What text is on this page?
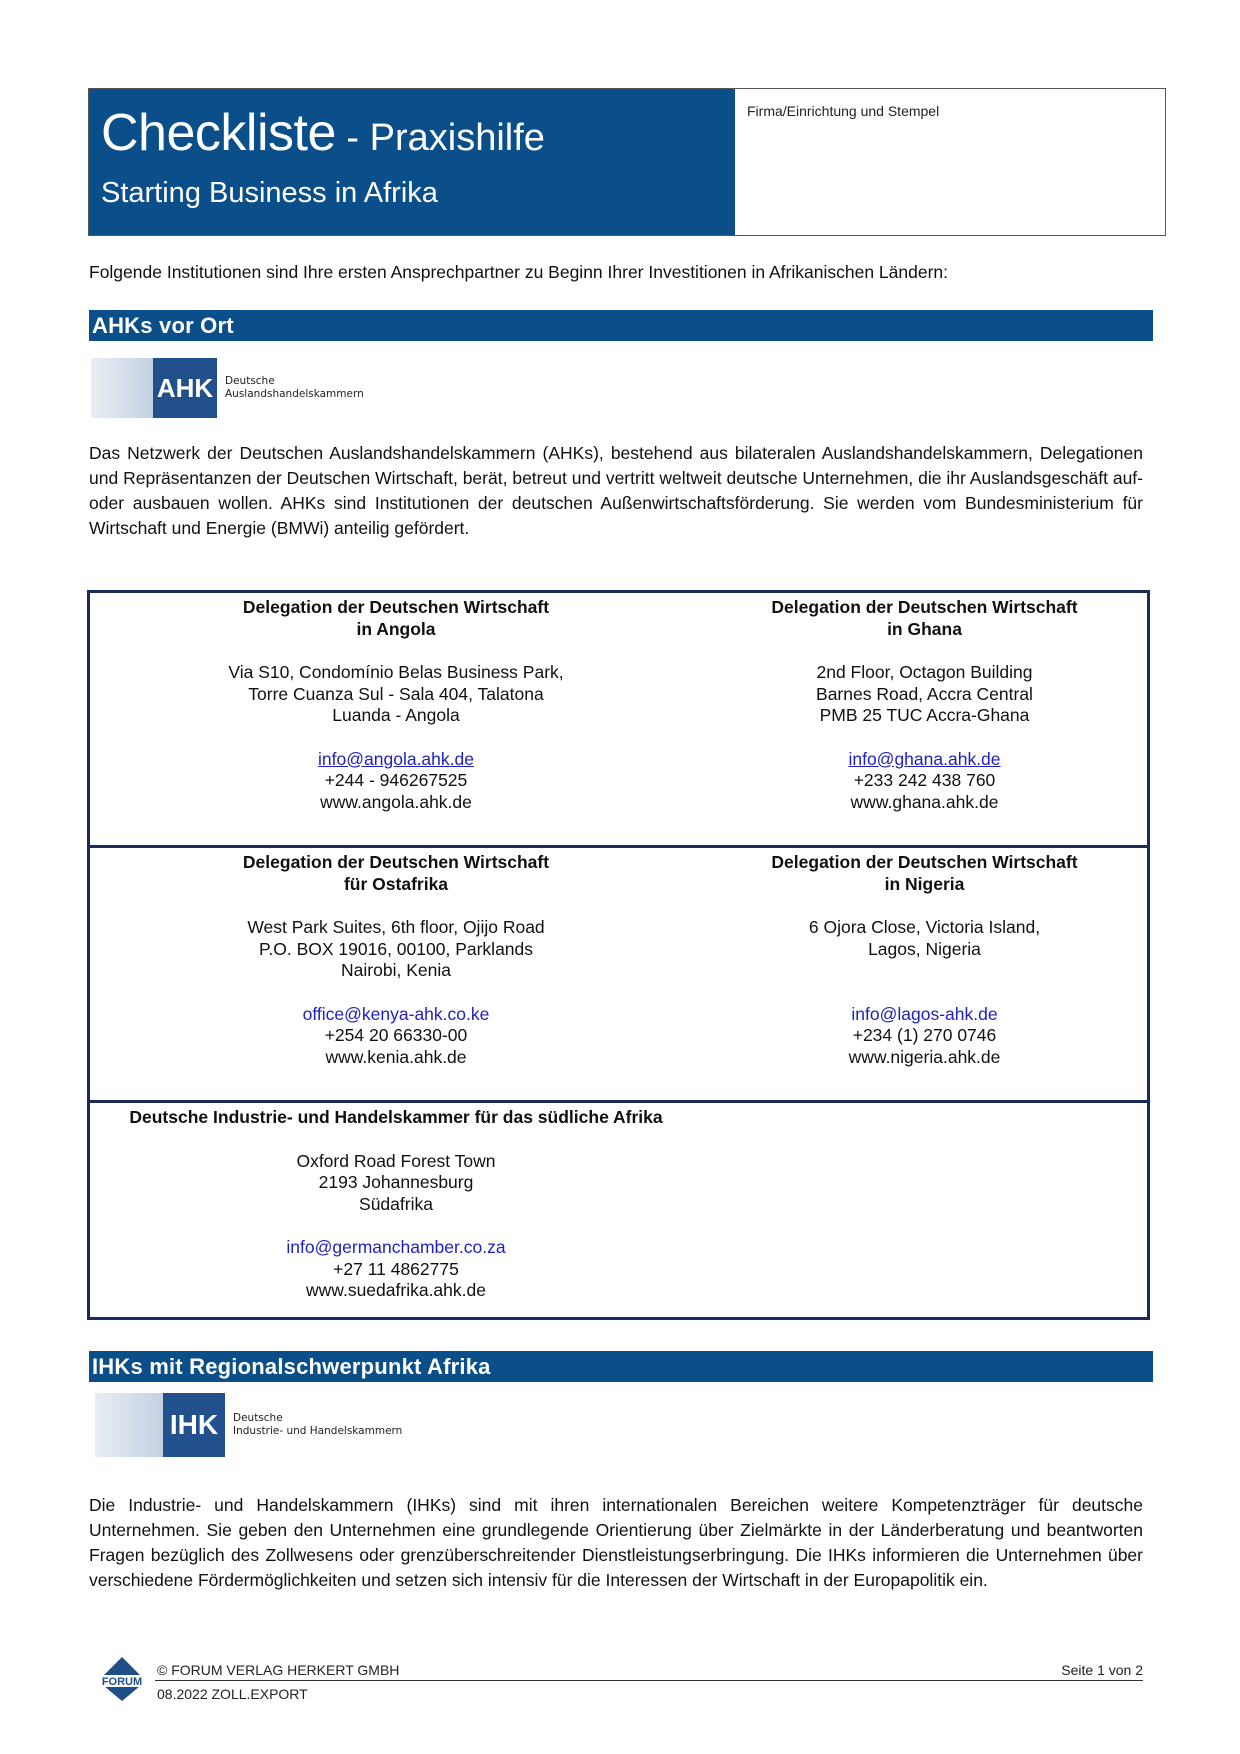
Checkliste - Praxishilfe
Starting Business in Afrika
Firma/Einrichtung und Stempel
Folgende Institutionen sind Ihre ersten Ansprechpartner zu Beginn Ihrer Investitionen in Afrikanischen Ländern:
AHKs vor Ort
AHK	Deutsche
Auslandshandelskammern
Das Netzwerk der Deutschen Auslandshandelskammern (AHKs), bestehend aus bilateralen Auslandshandelskammern, Delegationen und Repräsentanzen der Deutschen Wirtschaft, berät, betreut und vertritt weltweit deutsche Unternehmen, die ihr Auslandsgeschäft auf- oder ausbauen wollen. AHKs sind Institutionen der deutschen Außenwirtschaftsförderung. Sie werden vom Bundesministerium für Wirtschaft und Energie (BMWi) anteilig gefördert.
Delegation der Deutschen Wirtschaft
in Angola
Via S10, Condomínio Belas Business Park,
Torre Cuanza Sul - Sala 404, Talatona
Luanda - Angola
info@angola.ahk.de
+244 - 946267525
www.angola.ahk.de
Delegation der Deutschen Wirtschaft
in Ghana
2nd Floor, Octagon Building
Barnes Road, Accra Central
PMB 25 TUC Accra-Ghana
info@ghana.ahk.de
+233 242 438 760
www.ghana.ahk.de
Delegation der Deutschen Wirtschaft
für Ostafrika
West Park Suites, 6th floor, Ojijo Road
P.O. BOX 19016, 00100, Parklands
Nairobi, Kenia
office@kenya-ahk.co.ke
+254 20 66330-00
www.kenia.ahk.de
Delegation der Deutschen Wirtschaft
in Nigeria
6 Ojora Close, Victoria Island,
Lagos, Nigeria
info@lagos-ahk.de
+234 (1) 270 0746
www.nigeria.ahk.de
Deutsche Industrie- und Handelskammer für das südliche Afrika
Oxford Road Forest Town
2193 Johannesburg
Südafrika
info@germanchamber.co.za
+27 11 4862775
www.suedafrika.ahk.de
IHKs mit Regionalschwerpunkt Afrika
IHK	Deutsche
Industrie- und Handelskammern
Die Industrie- und Handelskammern (IHKs) sind mit ihren internationalen Bereichen weitere Kompetenzträger für deutsche Unternehmen. Sie geben den Unternehmen eine grundlegende Orientierung über Zielmärkte in der Länderberatung und beantworten Fragen bezüglich des Zollwesens oder grenzüberschreitender Dienstleistungserbringung. Die IHKs informieren die Unternehmen über verschiedene Fördermöglichkeiten und setzen sich intensiv für die Interessen der Wirtschaft in der Europapolitik ein.
FORUM
© FORUM VERLAG HERKERT GMBH
08.2022 ZOLL.EXPORT
Seite 1 von 2
